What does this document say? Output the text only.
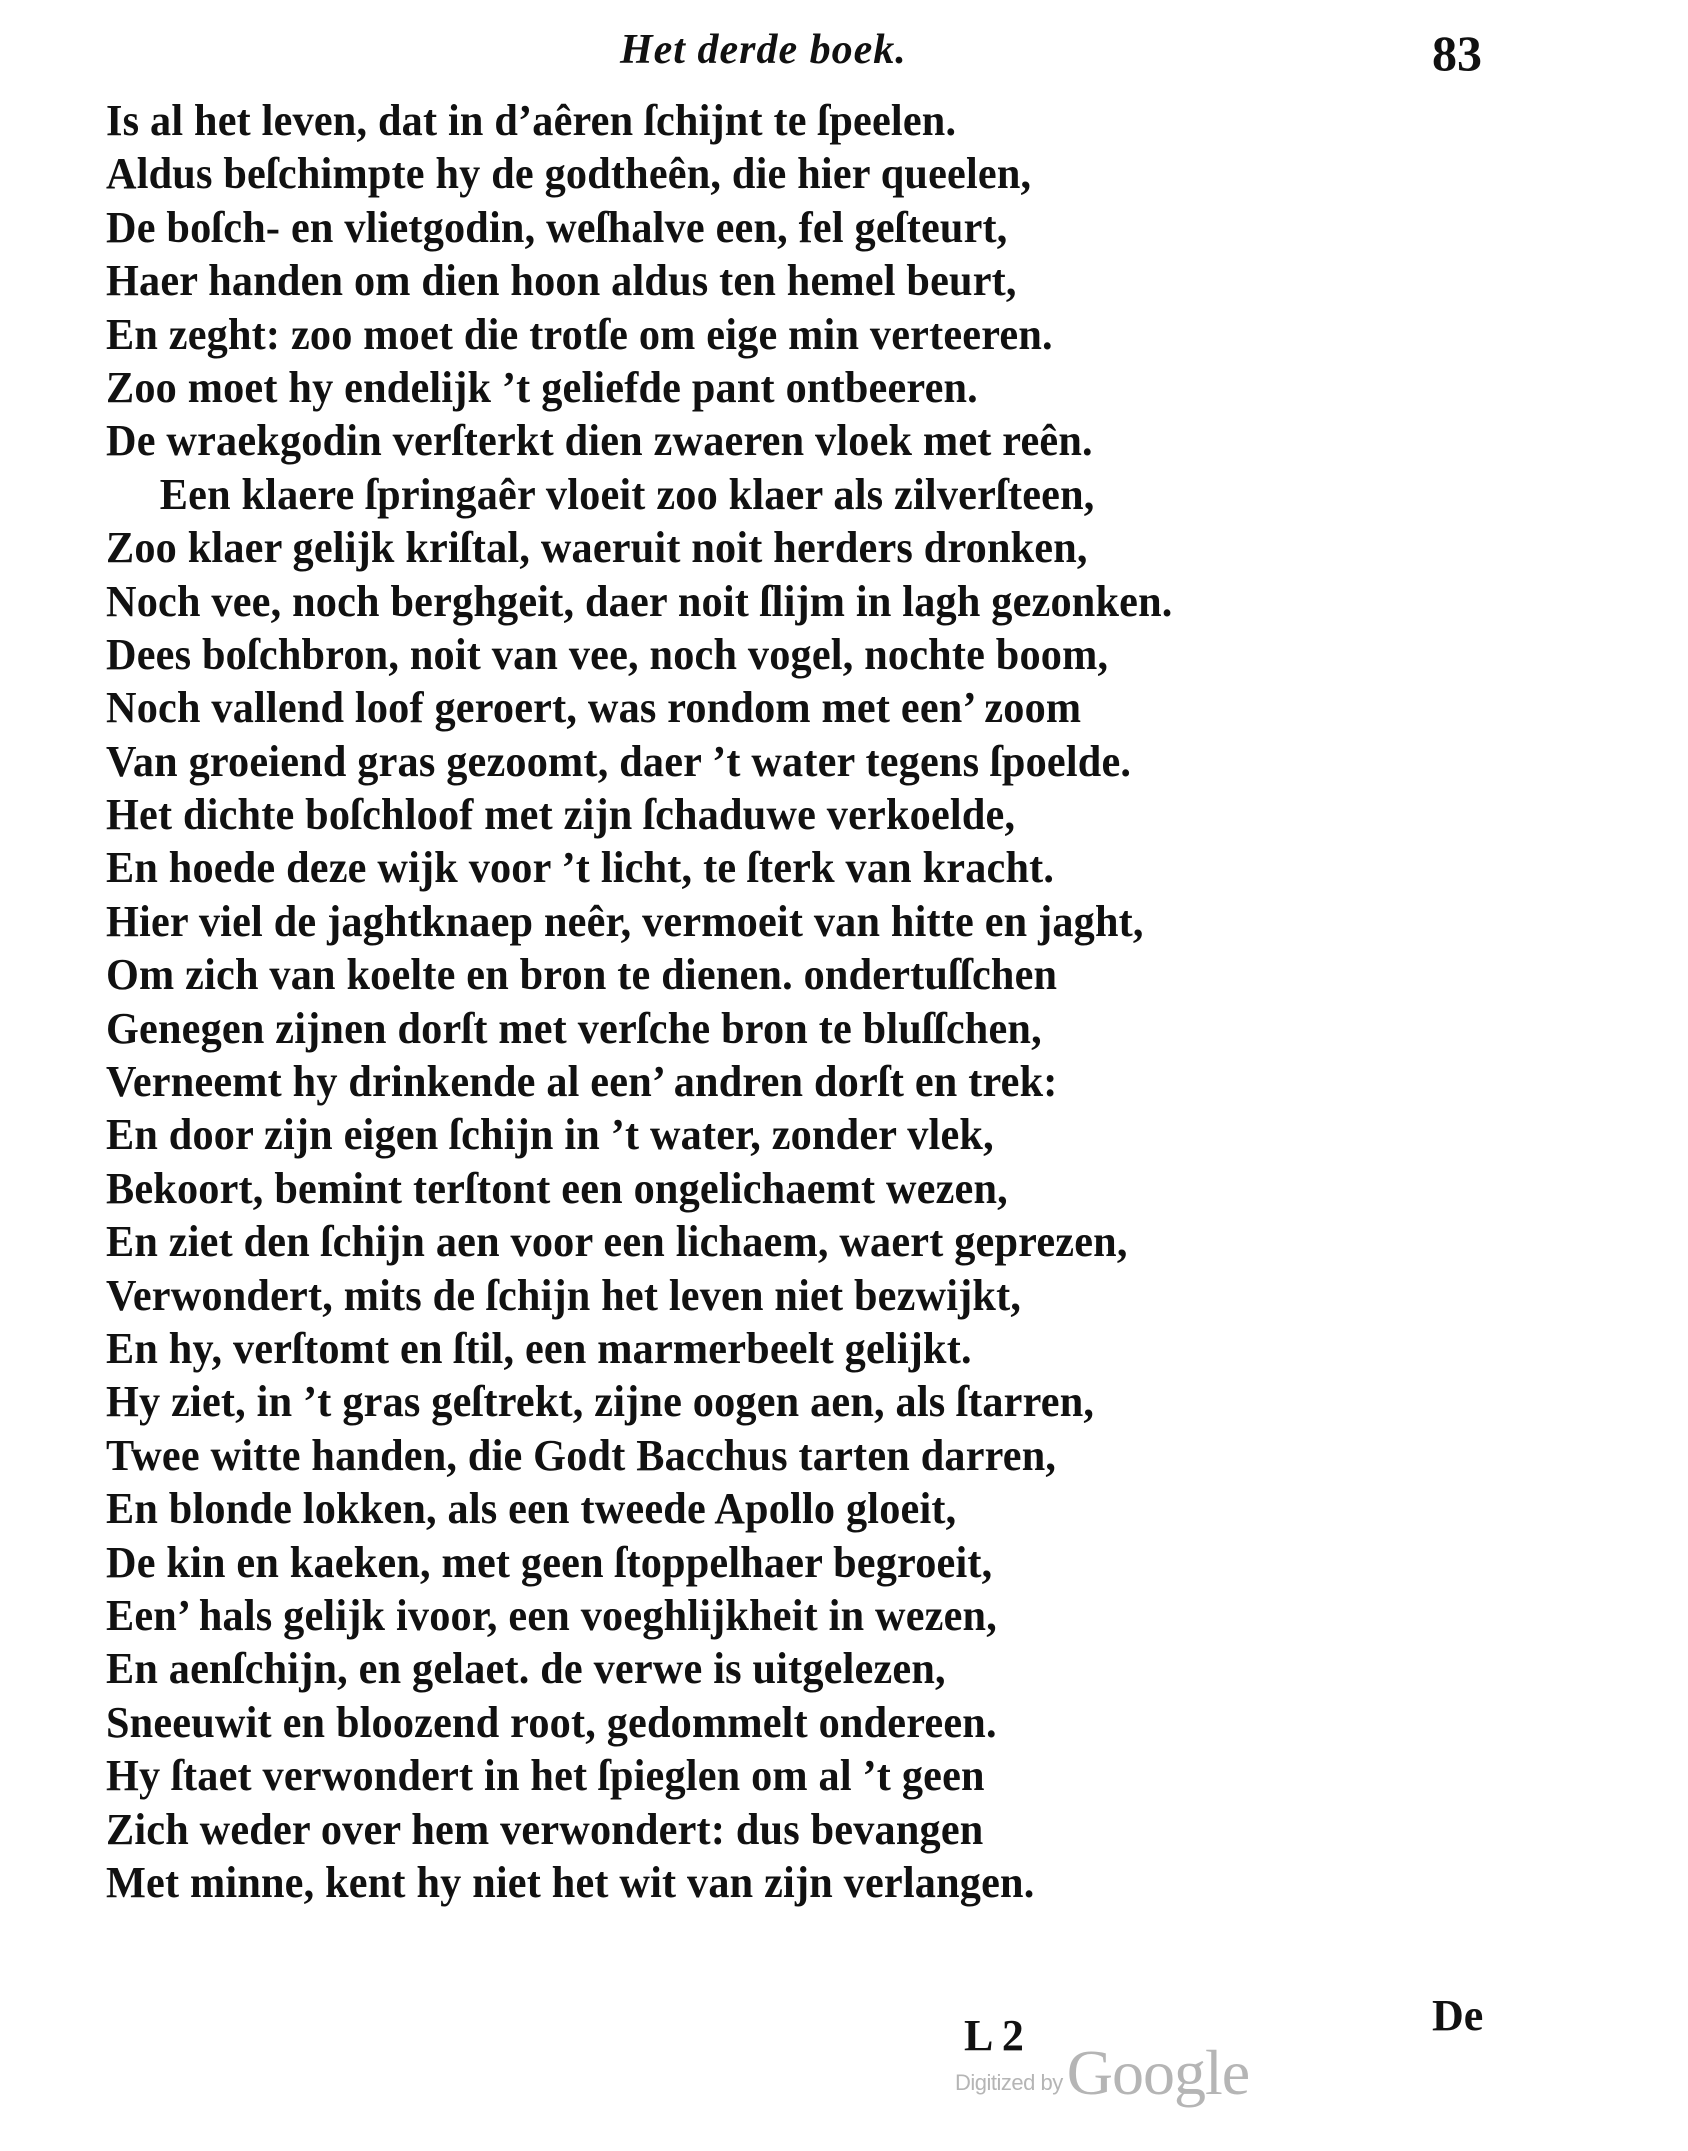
Het derde boek.	83
Is al het leven, dat in d’aêren ſchijnt te ſpeelen.
Aldus beſchimpte hy de godtheên, die hier queelen,
De boſch- en vlietgodin, weſhalve een, fel geſteurt,
Haer handen om dien hoon aldus ten hemel beurt,
En zeght: zoo moet die trotſe om eige min verteeren.
Zoo moet hy endelijk ’t geliefde pant ontbeeren.
De wraekgodin verſterkt dien zwaeren vloek met reên.
Een klaere ſpringaêr vloeit zoo klaer als zilverſteen,
Zoo klaer gelijk kriſtal, waeruit noit herders dronken,
Noch vee, noch berghgeit, daer noit ſlijm in lagh gezonken.
Dees boſchbron, noit van vee, noch vogel, nochte boom,
Noch vallend loof geroert, was rondom met een’ zoom
Van groeiend gras gezoomt, daer ’t water tegens ſpoelde.
Het dichte boſchloof met zijn ſchaduwe verkoelde,
En hoede deze wijk voor ’t licht, te ſterk van kracht.
Hier viel de jaghtknaep neêr, vermoeit van hitte en jaght,
Om zich van koelte en bron te dienen. ondertuſſchen
Genegen zijnen dorſt met verſche bron te bluſſchen,
Verneemt hy drinkende al een’ andren dorſt en trek:
En door zijn eigen ſchijn in ’t water, zonder vlek,
Bekoort, bemint terſtont een ongelichaemt wezen,
En ziet den ſchijn aen voor een lichaem, waert geprezen,
Verwondert, mits de ſchijn het leven niet bezwijkt,
En hy, verſtomt en ſtil, een marmerbeelt gelijkt.
Hy ziet, in ’t gras geſtrekt, zijne oogen aen, als ſtarren,
Twee witte handen, die Godt Bacchus tarten darren,
En blonde lokken, als een tweede Apollo gloeit,
De kin en kaeken, met geen ſtoppelhaer begroeit,
Een’ hals gelijk ivoor, een voeghlijkheit in wezen,
En aenſchijn, en gelaet. de verwe is uitgelezen,
Sneeuwit en bloozend root, gedommelt ondereen.
Hy ſtaet verwondert in het ſpieglen om al ’t geen
Zich weder over hem verwondert: dus bevangen
Met minne, kent hy niet het wit van zijn verlangen.
L 2	De
Digitized byGoogle
